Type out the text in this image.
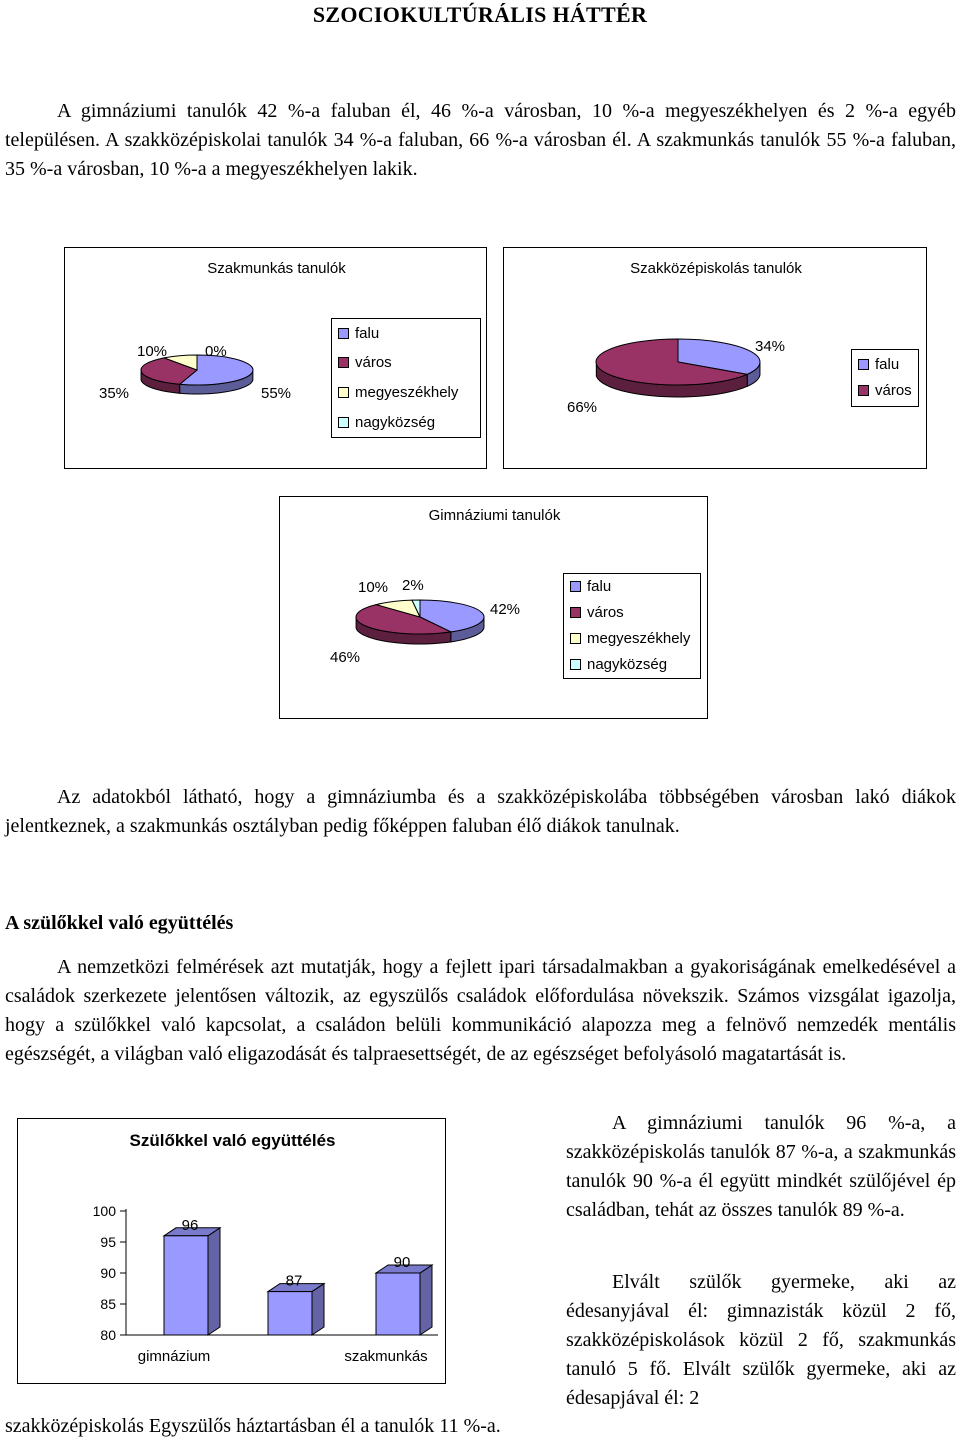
SZOCIOKULTÚRÁLIS HÁTTÉR

A gimnáziumi tanulók 42 %-a faluban él, 46 %-a városban, 10 %-a megyeszékhelyen és 2 %-a egyéb településen. A szakközépiskolai tanulók 34 %-a faluban, 66 %-a városban él. A szakmunkás tanulók 55 %-a faluban, 35 %-a városban, 10 %-a a megyeszékhelyen lakik.

Szakmunkás tanulók
10%	0%
35%	55%
falu
város
megyeszékhely
nagyközség
Szakközépiskolás tanulók
34%
66%
falu
város
Gimnáziumi tanulók
10% 2%
42%
46%
falu
város
megyeszékhely
nagyközség

Az adatokból látható, hogy a gimnáziumba és a szakközépiskolába többségében városban lakó diákok jelentkeznek, a szakmunkás osztályban pedig főképpen faluban élő diákok tanulnak.

A szülőkkel való együttélés

A nemzetközi felmérések azt mutatják, hogy a fejlett ipari társadalmakban a gyakoriságának emelkedésével a családok szerkezete jelentősen változik, az egyszülős családok előfordulása növekszik. Számos vizsgálat igazolja, hogy a szülőkkel való kapcsolat, a családon belüli kommunikáció alapozza meg a felnövő nemzedék mentális egészségét, a világban való eligazodását és talpraesettségét, de az egészséget befolyásoló magatartását is.

Szülőkkel való együttélés
80
85
90
95
100
96
87
90
gimnázium	szakmunkás

A gimnáziumi tanulók 96 %-a, a szakközépiskolás tanulók 87 %-a, a szakmunkás tanulók 90 %-a él együtt mindkét szülőjével ép családban, tehát az összes tanulók 89 %-a.

Elvált szülők gyermeke, aki az édesanyjával él: gimnazisták közül 2 fő, szakközépiskolások közül 2 fő, szakmunkás tanuló 5 fő. Elvált szülők gyermeke, aki az édesapjával él: 2

szakközépiskolás Egyszülős háztartásban él a tanulók 11 %-a.
